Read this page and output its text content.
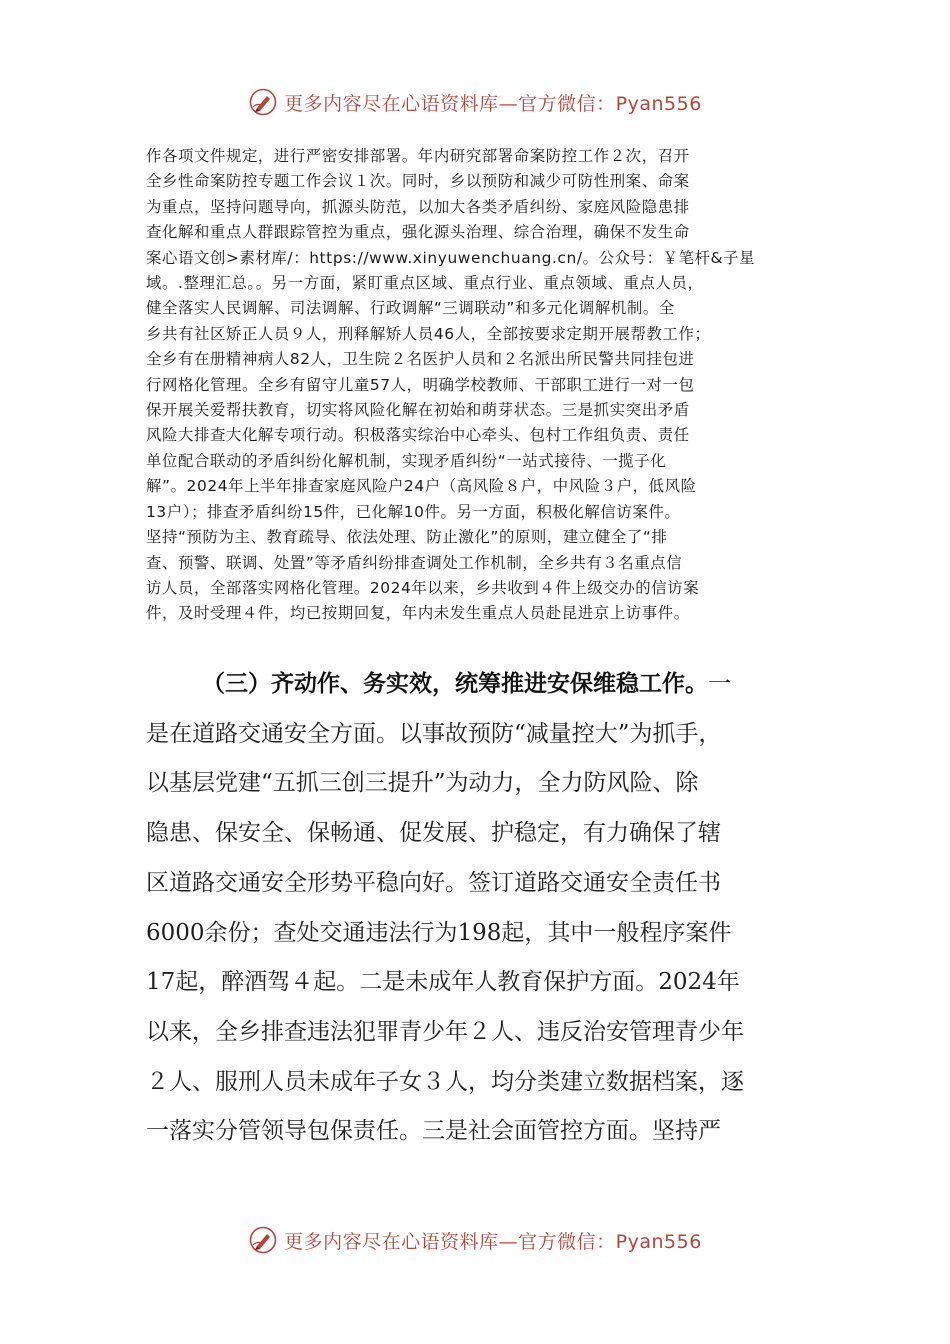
更多内容尽在心语资料库—官方微信：Pyan556

作各项文件规定，进行严密安排部署。年内研究部署命案防控工作２次，召开

全乡性命案防控专题工作会议１次。同时，乡以预防和减少可防性刑案、命案

为重点，坚持问题导向，抓源头防范，以加大各类矛盾纠纷、家庭风险隐患排

查化解和重点人群跟踪管控为重点，强化源头治理、综合治理，确保不发生命

案心语文创>素材库/：https://www.xinyuwenchuang.cn/。公众号：￥笔杆&子星

域。.整理汇总。。另一方面，紧盯重点区域、重点行业、重点领域、重点人员，

健全落实人民调解、司法调解、行政调解“三调联动”和多元化调解机制。全

乡共有社区矫正人员９人，刑释解矫人员46人，全部按要求定期开展帮教工作；

全乡有在册精神病人82人，卫生院２名医护人员和２名派出所民警共同挂包进

行网格化管理。全乡有留守儿童57人，明确学校教师、干部职工进行一对一包

保开展关爱帮扶教育，切实将风险化解在初始和萌芽状态。三是抓实突出矛盾

风险大排查大化解专项行动。积极落实综治中心牵头、包村工作组负责、责任

单位配合联动的矛盾纠纷化解机制，实现矛盾纠纷“一站式接待、一揽子化

解”。2024年上半年排查家庭风险户24户（高风险８户，中风险３户，低风险

13户）；排查矛盾纠纷15件，已化解10件。另一方面，积极化解信访案件。

坚持“预防为主、教育疏导、依法处理、防止激化”的原则，建立健全了“排

查、预警、联调、处置”等矛盾纠纷排查调处工作机制，全乡共有３名重点信

访人员，全部落实网格化管理。2024年以来，乡共收到４件上级交办的信访案

件，及时受理４件，均已按期回复，年内未发生重点人员赴昆进京上访事件。

（三）齐动作、务实效，统筹推进安保维稳工作。一

是在道路交通安全方面。以事故预防“减量控大”为抓手，

以基层党建“五抓三创三提升”为动力，全力防风险、除

隐患、保安全、保畅通、促发展、护稳定，有力确保了辖

区道路交通安全形势平稳向好。签订道路交通安全责任书

6000余份；查处交通违法行为198起，其中一般程序案件

17起，醉酒驾４起。二是未成年人教育保护方面。2024年

以来，全乡排查违法犯罪青少年２人、违反治安管理青少年

２人、服刑人员未成年子女３人，均分类建立数据档案，逐

一落实分管领导包保责任。三是社会面管控方面。坚持严

更多内容尽在心语资料库—官方微信：Pyan556
